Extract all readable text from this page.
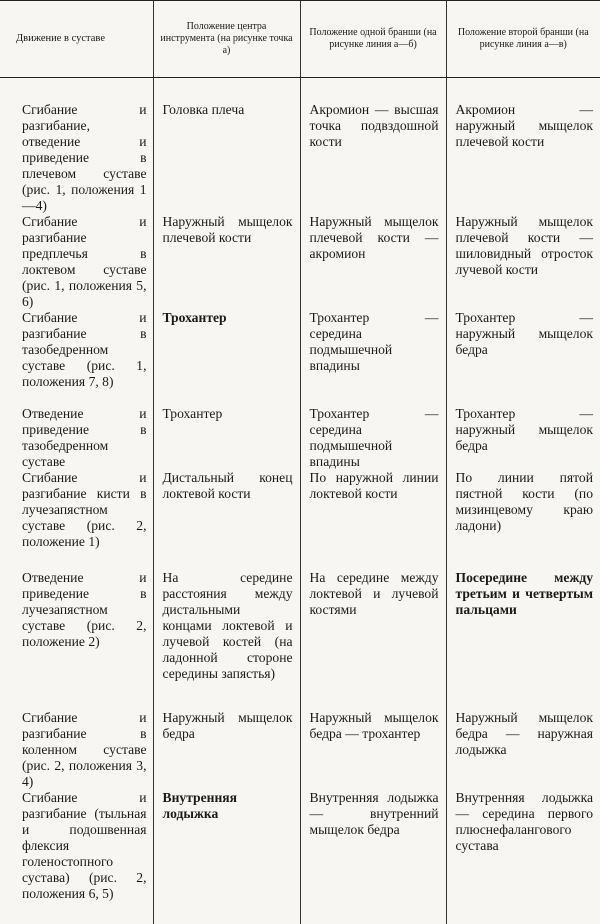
Движение в суставе	Положение центра инструмента (на рисунке точка a)	Положение одной бранши (на рисунке линия a—б)	Положение второй бранши (на рисунке линия a—в)

Сгибание и разгибание, отведение и приведение в плечевом суставе (рис. 1, положения 1—4)	Головка плеча	Акромион — высшая точка подвздошной кости	Акромион — наружный мыщелок плечевой кости
Сгибание и разгибание предплечья в локтевом суставе (рис. 1, положения 5, 6)	Наружный мыщелок плечевой кости	Наружный мыщелок плечевой кости — акромион	Наружный мыщелок плечевой кости — шиловидный отросток лучевой кости
Сгибание и разгибание в тазобедренном суставе (рис. 1, положения 7, 8)	Трохантер	Трохантер — середина подмышечной впадины	Трохантер — наружный мыщелок бедра
Отведение и приведение в тазобедренном суставе	Трохантер	Трохантер — середина подмышечной впадины	Трохантер — наружный мыщелок бедра
Сгибание и разгибание кисти в лучезапястном суставе (рис. 2, положение 1)	Дистальный конец локтевой кости	По наружной линии локтевой кости	По линии пятой пястной кости (по мизинцевому краю ладони)
Отведение и приведение в лучезапястном суставе (рис. 2, положение 2)	На середине расстояния между дистальными концами локтевой и лучевой костей (на ладонной стороне середины запястья)	На середине между локтевой и лучевой костями	Посередине между третьим и четвертым пальцами
Сгибание и разгибание в коленном суставе (рис. 2, положения 3, 4)	Наружный мыщелок бедра	Наружный мыщелок бедра — трохантер	Наружный мыщелок бедра — наружная лодыжка
Сгибание и разгибание (тыльная и подошвенная флексия голеностопного сустава) (рис. 2, положения 6, 5)	Внутренняя лодыжка	Внутренняя лодыжка — внутренний мыщелок бедра	Внутренняя лодыжка — середина первого плюснефалангового сустава
